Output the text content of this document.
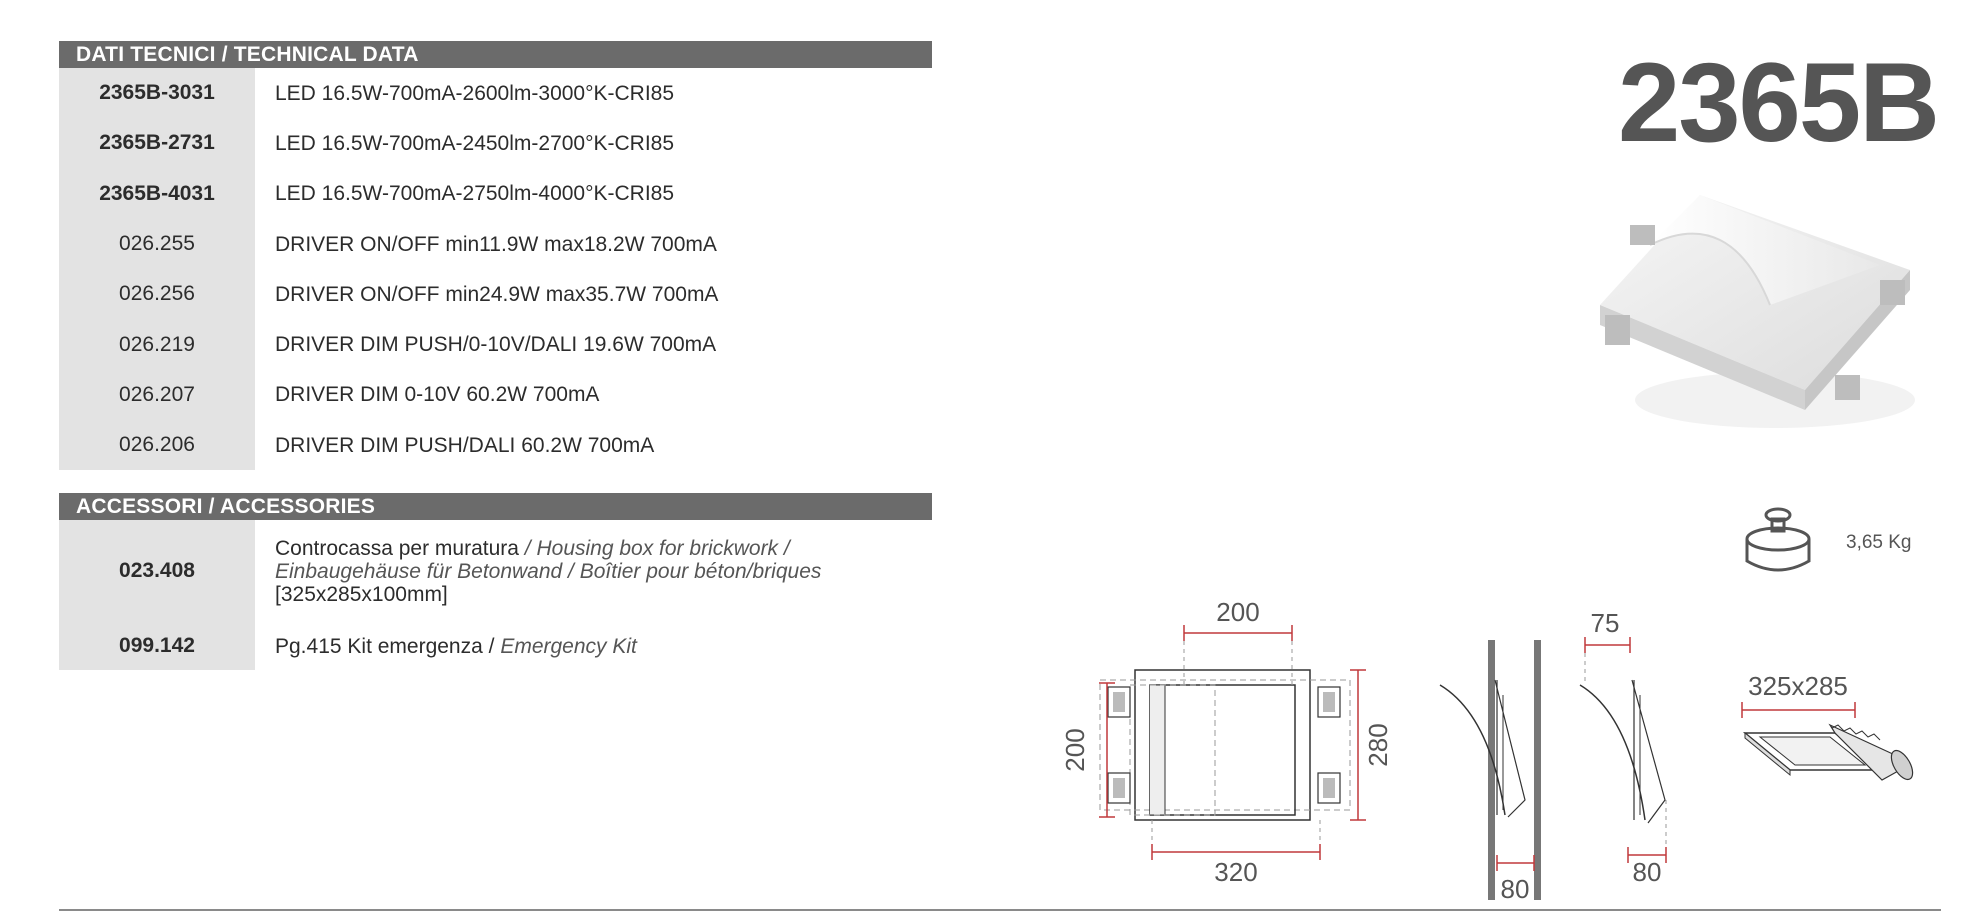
DATI TECNICI / TECHNICAL DATA
2365B-3031	LED 16.5W-700mA-2600lm-3000°K-CRI85
2365B-2731	LED 16.5W-700mA-2450lm-2700°K-CRI85
2365B-4031	LED 16.5W-700mA-2750lm-4000°K-CRI85
026.255	DRIVER ON/OFF min11.9W max18.2W 700mA
026.256	DRIVER ON/OFF min24.9W max35.7W 700mA
026.219	DRIVER DIM PUSH/0-10V/DALI 19.6W 700mA
026.207	DRIVER DIM 0-10V 60.2W 700mA
026.206	DRIVER DIM PUSH/DALI 60.2W 700mA
ACCESSORI / ACCESSORIES
023.408
Controcassa per muratura / Housing box for brickwork /
Einbaugehäuse für Betonwand / Boîtier pour béton/briques
[325x285x100mm]
099.142	Pg.415 Kit emergenza / Emergency Kit
2365B
3,65 Kg
200
200	280
320
80
75
80
325x285
